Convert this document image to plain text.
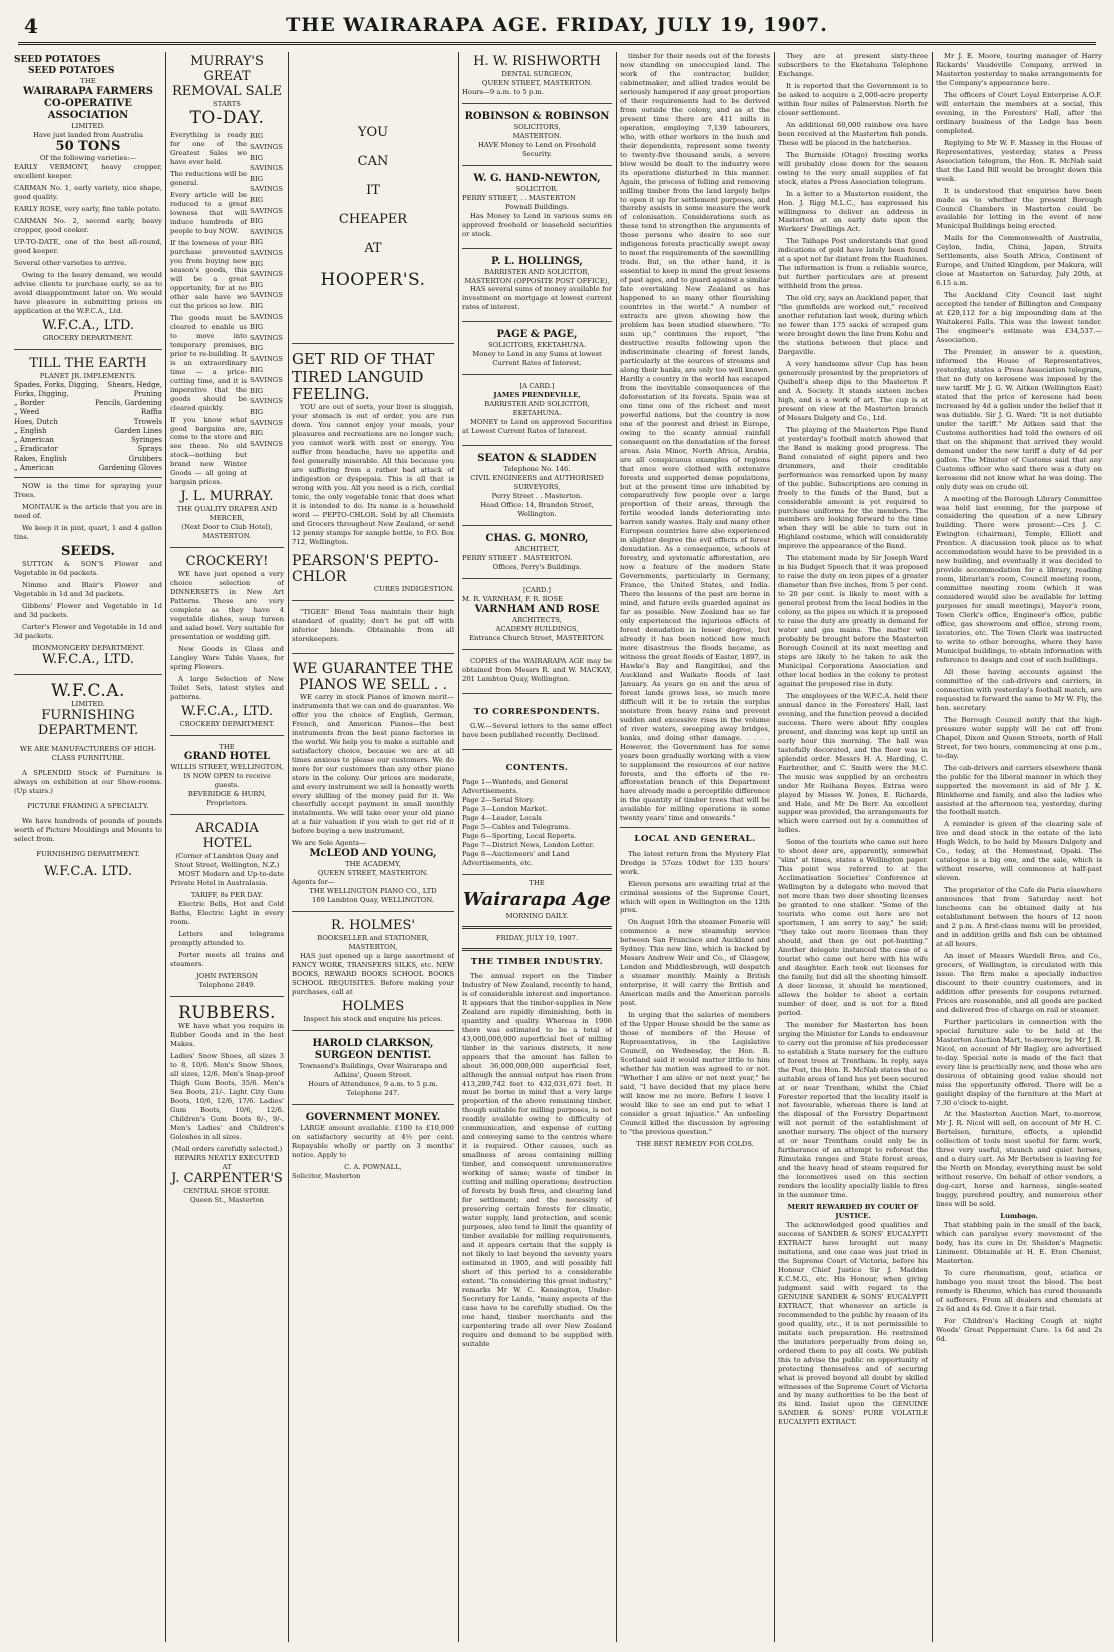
4	THE WAIRARAPA AGE. FRIDAY, JULY 19, 1907.
SEED POTATOES
SEED POTATOES
THE
WAIRARAPA FARMERS CO-OPERATIVE ASSOCIATION
LIMITED.
Have just landed from Australia
50 TONS
Of the following varieties:—

EARLY VERMONT, heavy cropper, excellent keeper.

CARMAN No. 1, early variety, nice shape, good quality.

EARLY ROSE, very early, fine table potato.

CARMAN No. 2, second early, heavy cropper, good cooker.

UP-TO-DATE, one of the best all-round, good keeper.

Several other varieties to arrive.

Owing to the heavy demand, we would advise clients to purchase early, so as to avoid disappointment later on. We would have pleasure in submitting prices on application at the W.F.C.A., Ltd.

W.F.C.A., LTD.
GROCERY DEPARTMENT.
TILL THE EARTH
PLANET JR. IMPLEMENTS.
Spades, Forks, Digging, Shears, Hedge,
Forks, Digging,	Pruning
„ Border	Pencils, Gardening
„ Weed	Raffia
Hoes, Dutch	Trowels
„ English	Garden Lines
„ American	Syringes
„ Eradicator	Sprays
Rakes, English	Grubbers
„ American	Gardening Gloves

NOW is the time for spraying your Trees.

MONTAUK is the article that you are in need of.

We keep it in pint, quart, 1 and 4 gallon tins.

SEEDS.

SUTTON & SON'S Flower and Vegetable in 6d packets.

Nimmo and Blair's Flower and Vegetable in 1d and 3d packets.

Gibbons' Flower and Vegetable in 1d and 3d packets.

Carter's Flower and Vegetable in 1d and 3d packets.

IRONMONGERY DEPARTMENT.
W.F.C.A., LTD.
W.F.C.A.
LIMITED.
FURNISHING DEPARTMENT.
WE ARE MANUFACTURERS OF HIGH-CLASS FURNITURE.

A SPLENDID Stock of Furniture is always on exhibition at our Show-rooms. (Up stairs.)

PICTURE FRAMING A SPECIALTY.

We have hundreds of pounds of pounds worth of Picture Mouldings and Mounts to select from.

FURNISHING DEPARTMENT.
W.F.C.A. LTD.
MURRAY'S GREAT REMOVAL SALE
STARTS
TO-DAY.

Everything is ready for one of the Greatest Sales we have ever held.

The reductions will be general.

Every article will be reduced to a great lowness that will induce hundreds of people to buy NOW.

If the lowness of your purchase prevented you from buying new season's goods, this will be a great opportunity, for at no other sale have we cut the prices so low.

The goods must be cleared to enable us to move into temporary premises, prior to re-building. It is an extraordinary time — a price-cutting time, and it is imperative that the goods should be cleared quickly.

If you know what good bargains are, come to the store and see these. No old stock—nothing but brand new Winter Goods — all going at bargain prices.

BIG
SAVINGS
BIG
SAVINGS
BIG
SAVINGS
BIG
SAVINGS
BIG
SAVINGS
BIG
SAVINGS
BIG
SAVINGS
BIG
SAVINGS
BIG
SAVINGS
BIG
SAVINGS
BIG
SAVINGS
BIG
SAVINGS
BIG
SAVINGS
BIG
SAVINGS
BIG
SAVINGS
J. L. MURRAY.
THE QUALITY DRAPER AND MERCER,
(Next Door to Club Hotel), MASTERTON.
CROCKERY!

WE have just opened a very choice selection of DINNERSETS in New Art Patterns. These are very complete as they have 4 vegetable dishes, soup tureen and salad bowl. Very suitable for presentation or wedding gift.

New Goods in Glass and Langley Ware Table Vases, for spring Flowers.

A large Selection of New Toilet Sets, latest styles and patterns.

W.F.C.A., LTD.
CROCKERY DEPARTMENT.
THE
GRAND HOTEL
WILLIS STREET, WELLINGTON,
IS NOW OPEN to receive guests.
BEVERIDGE & HURN, Proprietors.
ARCADIA HOTEL
(Corner of Lambton Quay and Stout Street, Wellington, N.Z.)

MOST Modern and Up-to-date Private Hotel in Australasia.

TARIFF, 8s PER DAY.

Electric Bells, Hot and Cold Baths, Electric Light in every room.

Letters and telegrams promptly attended to.

Porter meets all trains and steamers.

JOHN PATERSON
Telephone 2849.
RUBBERS.

WE have what you require in Rubber Goods and in the best Makes.

Ladies' Snow Shoes, all sizes 3 to 8, 10/6. Men's Snow Shoes, all sizes, 12/6. Men's Snap-proof Thigh Gum Boots, 35/6. Men's Sea Boots, 21/-. Light City Gum Boots, 10/6, 12/6, 17/6. Ladies' Gum Boots, 10/6, 12/6. Children's Gum Boots 8/-, 9/-. Men's Ladies' and Children's Goloshes in all sizes.

(Mail orders carefully selected.)
REPAIRS NEATLY EXECUTED
AT
J. CARPENTER'S
CENTRAL SHOE STORE.
Queen St., Masterton
YOU
CAN
IT
CHEAPER
AT
HOOPER'S.
GET RID OF THAT TIRED LANGUID FEELING.

YOU are out of sorts, your liver is sluggish, your stomach is out of order, you are run down. You cannot enjoy your meals, your pleasures and recreations are no longer such; you cannot work with zest or energy. You suffer from headache, have no appetite and feel generally miserable. All this because you are suffering from a rather bad attack of indigestion or dyspepsia. This is all that is wrong with you. All you need is a rich, cordial tonic, the only vegetable tonic that does what it is intended to do. Its name is a household word — PEPTO-CHLOR. Sold by all Chemists and Grocers throughout New Zealand, or send 12 penny stamps for sample bottle, to P.O. Box 712, Wellington.

PEARSON'S PEPTO-CHLOR
CURES INDIGESTION.

"TIGER" Blend Teas maintain their high standard of quality; don't be put off with inferior blends. Obtainable from all storekeepers.

WE GUARANTEE THE PIANOS WE SELL . .

WE carry in stock Pianos of known merit—instruments that we can and do guarantee. We offer you the choice of English, German, French, and American Pianos—the best instruments from the best piano factories in the world. We help you to make a suitable and satisfactory choice, because we are at all times anxious to please our customers. We do more for our customers than any other piano store in the colony. Our prices are moderate, and every instrument we sell is honestly worth every shilling of the money paid for it. We cheerfully accept payment in small monthly instalments. We will take over your old piano at a fair valuation if you wish to get rid of it before buying a new instrument.

We are Sole Agents—
McLEOD AND YOUNG,
THE ACADEMY,
QUEEN STREET, MASTERTON.
Agents for—
THE WELLINGTON PIANO CO., LTD
169 Lambton Quay, WELLINGTON.
R. HOLMES'
BOOKSELLER and STATIONER, MASTERTON,

HAS just opened up a large assortment of FANCY WORK, TRANSFERS SILKS, etc. NEW BOOKS, REWARD BOOKS SCHOOL BOOKS SCHOOL REQUISITES. Before making your purchases, call at

HOLMES
Inspect his stock and enquire his prices.
HAROLD CLARKSON, SURGEON DENTIST.
Townsend's Buildings, Over Wairarapa and Adkins', Queen Street.
Hours of Attendance, 9 a.m. to 5 p.m. Telephone 247.
GOVERNMENT MONEY.

LARGE amount available. £100 to £10,000 on satisfactory security at 4½ per cent. Repayable wholly or partly on 3 months' notice. Apply to

C. A. POWNALL,
Solicitor, Masterton
H. W. RISHWORTH
DENTAL SURGEON,
QUEEN STREET, MASTERTON.
Hours—9 a.m. to 5 p.m.
ROBINSON & ROBINSON
SOLICITORS,
MASTERTON.
HAVE Money to Lend on Freehold Security.
W. G. HAND-NEWTON,
SOLICITOR.
PERRY STREET, . . MASTERTON
Pownall Buildings.

Has Money to Lend in various sums on approved freehold or leasehold securities or stock.

P. L. HOLLINGS,
BARRISTER AND SOLICITOR,
MASTERTON (OPPOSITE POST OFFICE),

HAS several sums of money available for investment on mortgage at lowest current rates of interest.

PAGE & PAGE,
SOLICITORS, EKETAHUNA.
Money to Lend in any Sums at lowest Current Rates of Interest.
[A CARD.]
JAMES PRENDEVILLE,
BARRISTER AND SOLICITOR,
EKETAHUNA.

MONEY to Lend on approved Securities at Lowest Current Rates of Interest.

SEATON & SLADDEN
Telephone No. 146.
CIVIL ENGINEERS and AUTHORISED SURVEYORS,
Perry Street . . Masterton.
Head Office: 14, Brandon Street, Wellington.
CHAS. G. MONRO,
ARCHITECT,
PERRY STREET . MASTERTON.
Offices, Perry's Buildings.
[CARD.]
M. R. VARNHAM, F. R. ROSE
VARNHAM AND ROSE
ARCHITECTS,
ACADEMY BUILDINGS,
Entrance Church Street, MASTERTON.

COPIES of the WAIRARAPA AGE may be obtained from Messrs R. and W. MACKAY, 201 Lambton Quay, Wellington.

TO CORRESPONDENTS.

G.W.—Several letters to the same effect have been published recently. Declined.

CONTENTS.
Page 1—Wanteds, and General Advertisements.
Page 2—Serial Story.
Page 3—London Market.
Page 4—Leader, Locals
Page 5—Cables and Telegrams.
Page 6—Sporting, Local Reports.
Page 7—District News, London Letter.
Page 8—Auctioneers' and Land Advertisements, etc.
THE
Wairarapa Age
MORNING DAILY.
FRIDAY, JULY 19, 1907.
THE TIMBER INDUSTRY.

The annual report on the Timber Industry of New Zealand, recently to hand, is of considerable interest and importance. It appears that the timber-supplies in New Zealand are rapidly diminishing, both in quantity and quality. Whereas in 1906 there was estimated to be a total of 43,000,000,000 superficial feet of milling timber in the various districts, it now appears that the amount has fallen to about 36,000,000,000 superficial feet, although the annual output has risen from 413,289,742 feet to 432,031,671 feet. It must be borne in mind that a very large proportion of the above remaining timber, though suitable for milling purposes, is not readily available owing to difficulty of communication, and expense of cutting and conveying same to the centres where it is required. Other causes, such as smallness of areas containing milling timber, and consequent unremunerative working of same; waste of timber in cutting and milling operations; destruction of forests by bush fires, and clearing land for settlement; and the necessity of preserving certain forests for climatic, water supply, land protection, and scenic purposes, also tend to limit the quantity of timber available for milling requirements, and it appears certain that the supply is not likely to last beyond the seventy years estimated in 1905, and will possibly fall short of this period to a considerable extent. "In considering this great industry," remarks Mr W. C. Kensington, Under-Secretary for Lands, "many aspects of the case have to be carefully studied. On the one hand, timber merchants and the carpentering trade all over New Zealand require and demand to be supplied with suitable

timber for their needs out of the forests now standing on unoccupied land. The work of the contractor, builder, cabinetmaker, and allied trades would be seriously hampered if any great proportion of their requirements had to be derived from outside the colony, and as at the present time there are 411 mills in operation, employing 7,139 labourers, who, with other workers in the bush and their dependents, represent some twenty to twenty-five thousand souls, a severe blow would be dealt to the industry were its operations disturbed in this manner. Again, the process of felling and removing milling timber from the land largely helps to open it up for settlement purposes, and thereby assists in some measure the work of colonisation. Considerations such as these tend to strengthen the arguments of those persons who desire to see our indigenous forests practically swept away to meet the requirements of the sawmilling trade. But, on the other hand, it is essential to keep in mind the great lessons of past ages, and to guard against a similar fate overtaking New Zealand as has happened to so many other flourishing countries in the world." A number of extracts are given showing how the problem has been studied elsewhere. "To sum up," continues the report, "the destructive results following upon the indiscriminate clearing of forest lands, particularly at the sources of streams and along their banks, are only too well known. Hardly a country in the world has escaped from the inevitable consequences of the deforestation of its forests. Spain was at one time one of the richest and most powerful nations, but the country is now one of the poorest and driest in Europe, owing to the scanty annual rainfall consequent on the denudation of the forest areas. Asia Minor, North Africa, Arabia, are all conspicuous examples of regions that once were clothed with extensive forests and supported dense populations, but at the present time are inhabited by comparatively few people over a large proportion of their areas, through the fertile wooded lands deteriorating into barren sandy wastes. Italy and many other European countries have also experienced in slighter degree the evil effects of forest denudation. As a consequence, schools of forestry, and systematic afforestation, are now a feature of the modern State Governments, particularly in Germany, France, the United States, and India. There the lessons of the past are borne in mind, and future evils guarded against as far as possible. New Zealand has so far only experienced the injurious effects of forest denudation in lesser degree, but already it has been noticed how much more disastrous the floods became, as witness the great floods of Easter, 1897, in Hawke's Bay and Rangitikei, and the Auckland and Waikato floods of last January. As years go on and the area of forest lands grows less, so much more difficult will it be to retain the surplus moisture from heavy rains and prevent sudden and excessive rises in the volume of river waters, sweeping away bridges, banks, and doing other damage. . . . . However, the Government has for some years been gradually working with a view to supplement the resources of our native forests, and the efforts of the re-afforestation branch of this Department have already made a perceptible difference in the quantity of timber trees that will be available for milling operations in some twenty years' time and onwards."

LOCAL AND GENERAL.

The latest return from the Mystery Flat Dredge is 57ozs 10dwt for 135 hours' work.

Eleven persons are awaiting trial at the criminal sessions of the Supreme Court, which will open in Wellington on the 12th prox.

On August 10th the steamer Fenerie will commence a new steamship service between San Francisco and Auckland and Sydney. This new line, which is backed by Messrs Andrew Weir and Co., of Glasgow, London and Middlesbrough, will despatch a steamer monthly. Mainly a British enterprise, it will carry the British and American mails and the American parcels post.

In urging that the salaries of members of the Upper House should be the same as those of members of the House of Representatives, in the Legislative Council, on Wednesday, the Hon. R. Scotland said it would matter little to him whether his motion was agreed to or not. "Whether I am alive or not next year," he said, "I have decided that my place here will know me no more. Before I leave I would like to see an end put to what I consider a great injustice." An unfeeling Council killed the discussion by agreeing to "the previous question."

THE BEST REMEDY FOR COLDS.

They are at present sixty-three subscribers to the Eketahuna Telephone Exchange.

It is reported that the Government is to be asked to acquire a 2,000-acre property within four miles of Palmerston North for closer settlement.

An additional 60,000 rainbow ova have been received at the Masterton fish ponds. These will be placed in the hatcheries.

The Burnside (Otago) freezing works will probably close down for the season owing to the very small supplies of fat stock, states a Press Association telegram.

In a letter to a Masterton resident, the Hon. J. Rigg M.L.C., has expressed his willingness to deliver an address in Masterton at an early date upon the Workers' Dwellings Act.

The Taihape Post understands that good indications of gold have lately been found at a spot not far distant from the Ruahines. The information is from a reliable source, but further particulars are at present withheld from the press.

The old cry, says an Auckland paper, that "the gumfields are worked out," received another refutation last week, during which no fewer than 175 sacks of scraped gum were brought down the line from Kohu and the stations between that place and Dargaville.

A very handsome silver Cup has been generously presented by the proprietors of Quibell's sheep dips to the Masterton P. and A. Society. It stands sixteen inches high, and is a work of art. The cup is at present on view at the Masterton branch of Messrs Dalgety and Co., Ltd.

The playing of the Masterton Pipe Band at yesterday's football match showed that the Band is making good progress. The Band consisted of eight pipers and two drummers, and their creditable performance was remarked upon by many of the public. Subscriptions are coming in freely to the funds of the Band, but a considerable amount is yet required to purchase uniforms for the members. The members are looking forward to the time when they will be able to turn out in Highland costume, which will considerably improve the appearance of the Band.

The statement made by Sir Joseph Ward in his Budget Speech that it was proposed to raise the duty on iron pipes of a greater diameter than five inches, from 5 per cent. to 20 per cent. is likely to meet with a general protest from the local bodies in the colony, as the pipes on which it is proposed to raise the duty are greatly in demand for water and gas mains. The matter will probably be brought before the Masterton Borough Council at its next meeting and steps are likely to be taken to ask the Municipal Corporations Association and other local bodies in the colony to protest against the proposed rise in duty.

The employees of the W.F.C.A. held their annual dance in the Foresters' Hall, last evening, and the function proved a decided success. There were about fifty couples present, and dancing was kept up until an early hour this morning. The hall was tastefully decorated, and the floor was in splendid order. Messrs H. A. Harding, C. Fairbrother, and C. Smith were the M.C. The music was supplied by an orchestra under Mr Reihana Boyes. Extras were played by Misses W. Jones, E. Richards, and Hale, and Mr De Berr. An excellent supper was provided, the arrangements for which were carried out by a committee of ladies.

Some of the tourists who came out here to shoot deer are, apparently, somewhat "slim" at times, states a Wellington paper. This point was referred to at the Acclimatisation Societies' Conference at Wellington by a delegate who moved that not more than two deer shooting licenses be granted to one stalker. "Some of the tourists who come out here are not sportsmen, I am sorry to say," he said; "they take out more licenses than they should, and then go out pot-hunting." Another delegate instanced the case of a tourist who came out here with his wife and daughter. Each took out licenses for the family, but did all the shooting himself. A deer license, it should be mentioned, allows the holder to shoot a certain number of deer, and is not for a fixed period.

The member for Masterton has been urging the Minister for Lands to endeavour to carry out the promise of his predecessor to establish a State nursery for the culture of forest trees at Trentham. In reply, says the Post, the Hon. R. McNab states that no suitable areas of land has yet been secured at or near Trentham, whilst the Chief Forester reported that the locality itself is not favourable, whereas there is land at the disposal of the Forestry Department will not permit of the establishment of another nursery. The object of the nursery at or near Trentham could only be in furtherance of an attempt to reforest the Rimutaka ranges and State forest areas, and the heavy head of steam required for the locomotives used on this section renders the locality specially liable to fires in the summer time.

MERIT REWARDED BY COURT OF JUSTICE.

The acknowledged good qualities and success of SANDER & SONS' EUCALYPTI EXTRACT have brought out many imitations, and one case was just tried in the Supreme Court of Victoria, before his Honour Chief Justice Sir J. Madden K.C.M.G., etc. His Honour, when giving judgment said with regard to the GENUINE SANDER & SONS' EUCALYPTI EXTRACT, that whenever an article is recommended to the public by reason of its good quality, etc., it is not permissible to imitate such preparation. He restrained the imitators perpetually from doing so, ordered them to pay all costs. We publish this to advise the public on opportunity of protecting themselves and of securing what is proved beyond all doubt by skilled witnesses of the Supreme Court of Victoria and by many authorities to be the best of its kind. Insist upon the GENUINE SANDER & SONS' PURE VOLATILE EUCALYPTI EXTRACT.

Mr J. E. Moore, touring manager of Harry Rickards' Vaudeville Company, arrived in Masterton yesterday to make arrangements for the Company's appearance here.

The officers of Court Loyal Enterprise A.O.F. will entertain the members at a social, this evening, in the Foresters' Hall, after the ordinary business of the Lodge has been completed.

Replying to Mr W. F. Massey in the House of Representatives, yesterday, states a Press Association telegram, the Hon. R. McNab said that the Land Bill would be brought down this week.

It is understood that enquiries have been made as to whether the present Borough Council Chambers in Masterton could be available for letting in the event of new Municipal Buildings being erected.

Mails for the Commonwealth of Australia, Ceylon, India, China, Japan, Straits Settlements, also South Africa, Continent of Europe, and United Kingdom, per Makura, will close at Masterton on Saturday, July 20th, at 6.15 a.m.

The Auckland City Council last night accepted the tender of Billington and Company at £29,112 for a big impounding dam at the Waitakerei Falls. This was the lowest tender. The engineer's estimate was £34,537.—Association.

The Premier, in answer to a question, informed the House of Representatives, yesterday, states a Press Association telegram, that no duty on kerosene was imposed by the new tariff. Mr J. G. W. Aitken (Wellington East) stated that the price of kerosene had been increased by 4d a gallon under the belief that it was dutiable. Sir J. G. Ward: "It is not dutiable under the tariff." Mr Aitken said that the Customs authorities had told the owners of oil that on the shipment that arrived they would demand under the new tariff a duty of 4d per gallon. The Minister of Customs said that any Customs officer who said there was a duty on kerosene did not know what he was doing. The only duty was on crude oil.

A meeting of the Borough Library Committee was held last evening, for the purpose of considering the question of a new Library building. There were present:—Crs J. C. Ewington (chairman), Temple, Elliott and Prentice. A discussion took place as to what accommodation would have to be provided in a new building, and eventually it was decided to provide accommodation for a library, reading room, librarian's room, Council meeting room, committee meeting room (which it was considered would also be available for letting purposes for small meetings), Mayor's room, Town Clerk's office, Engineer's office, public office, gas showroom and office, strong room, lavatories, etc. The Town Clerk was instructed to write to other boroughs, where they have Municipal buildings, to obtain information with reference to design and cost of such buildings.

All those having accounts against the committee of the cab-drivers and carriers, in connection with yesterday's football match, are requested to forward the same to Mr W. Fly, the hon. secretary.

The Borough Council notify that the high-pressure water supply will be cut off from Chapel, Dixon and Queen Streets, north of Hall Street, for two hours, commencing at one p.m., to-day.

The cab-drivers and carriers elsewhere thank the public for the liberal manner in which they supported the movement in aid of Mr J. K. Blinkhorne and family, and also the ladies who assisted at the afternoon tea, yesterday, during the football match.

A reminder is given of the clearing sale of live and dead stock in the estate of the late Hugh Welch, to be held by Messrs Dalgety and Co., today, at the Homestead, Opaki. The catalogue is a big one, and the sale, which is without reserve, will commence at half-past eleven.

The proprietor of the Cafe de Paris elsewhere announces that from Saturday next hot luncheons can be obtained daily at his establishment between the hours of 12 noon and 2 p.m. A first-class menu will be provided, and in addition grills and fish can be obtained at all hours.

An inset of Messrs Wardell Bros. and Co., grocers, of Wellington, is circulated with this issue. The firm make a specially inductive discount to their country customers, and in addition offer presents for coupons returned. Prices are reasonable, and all goods are packed and delivered free of charge on rail or steamer.

Further particulars in connection with the special furniture sale to be held at the Masterton Auction Mart, to-morrow, by Mr J. R. Nicol, on account of Mr Bagley, are advertised to-day. Special note is made of the fact that every line is practically new, and those who are desirous of obtaining good value should not miss the opportunity offered. There will be a gaslight display of the furniture at the Mart at 7.30 o'clock to-night.

At the Masterton Auction Mart, to-morrow, Mr J. R. Nicol will sell, on account of Mr H. C. Bertelsen, furniture, effects, a splendid collection of tools most useful for farm work, three very useful, staunch and quiet horses, and a dairy cart. As Mr Bertelsen is leaving for the North on Monday, everything must be sold without reserve. On behalf of other vendors, a dog-cart, horse and harness, single-seated buggy, purebred poultry, and numerous other lines will be sold.

Lumbago.

That stabbing pain in the small of the back, which can paralyse every movement of the body, has its cure in Dr. Sheldon's Magnetic Liniment. Obtainable at H. E. Eton Chemist, Masterton.

To cure rheumatism, gout, sciatica or lumbago you must treat the blood. The best remedy is Rheumo, which has cured thousands of sufferers. From all dealers and chemists at 2s 6d and 4s 6d. Give it a fair trial.

For Children's Hacking Cough at night Woods' Great Peppermint Cure. 1s 6d and 2s 6d.
